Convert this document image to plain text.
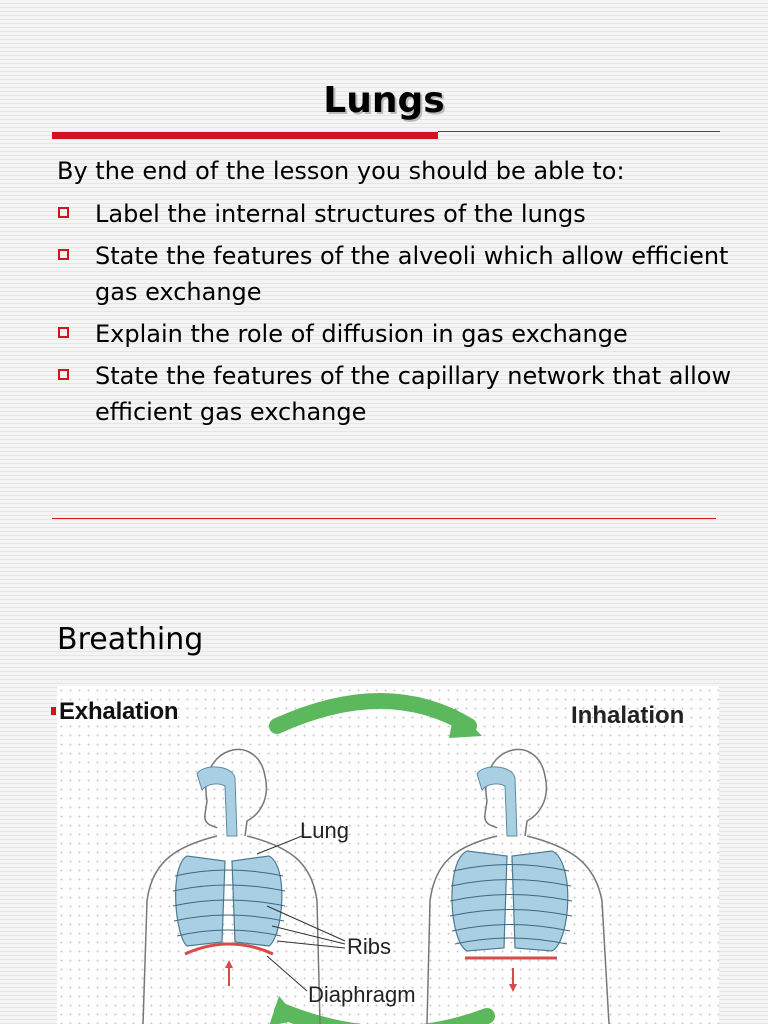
Lungs
By the end of the lesson you should be able to:
Label the internal structures of the lungs
State the features of the alveoli which allow efficient gas exchange
Explain the role of diffusion in gas exchange
State the features of the capillary network that allow efficient gas exchange
Breathing
Exhalation	Inhalation
Lung
Ribs
Diaphragm
